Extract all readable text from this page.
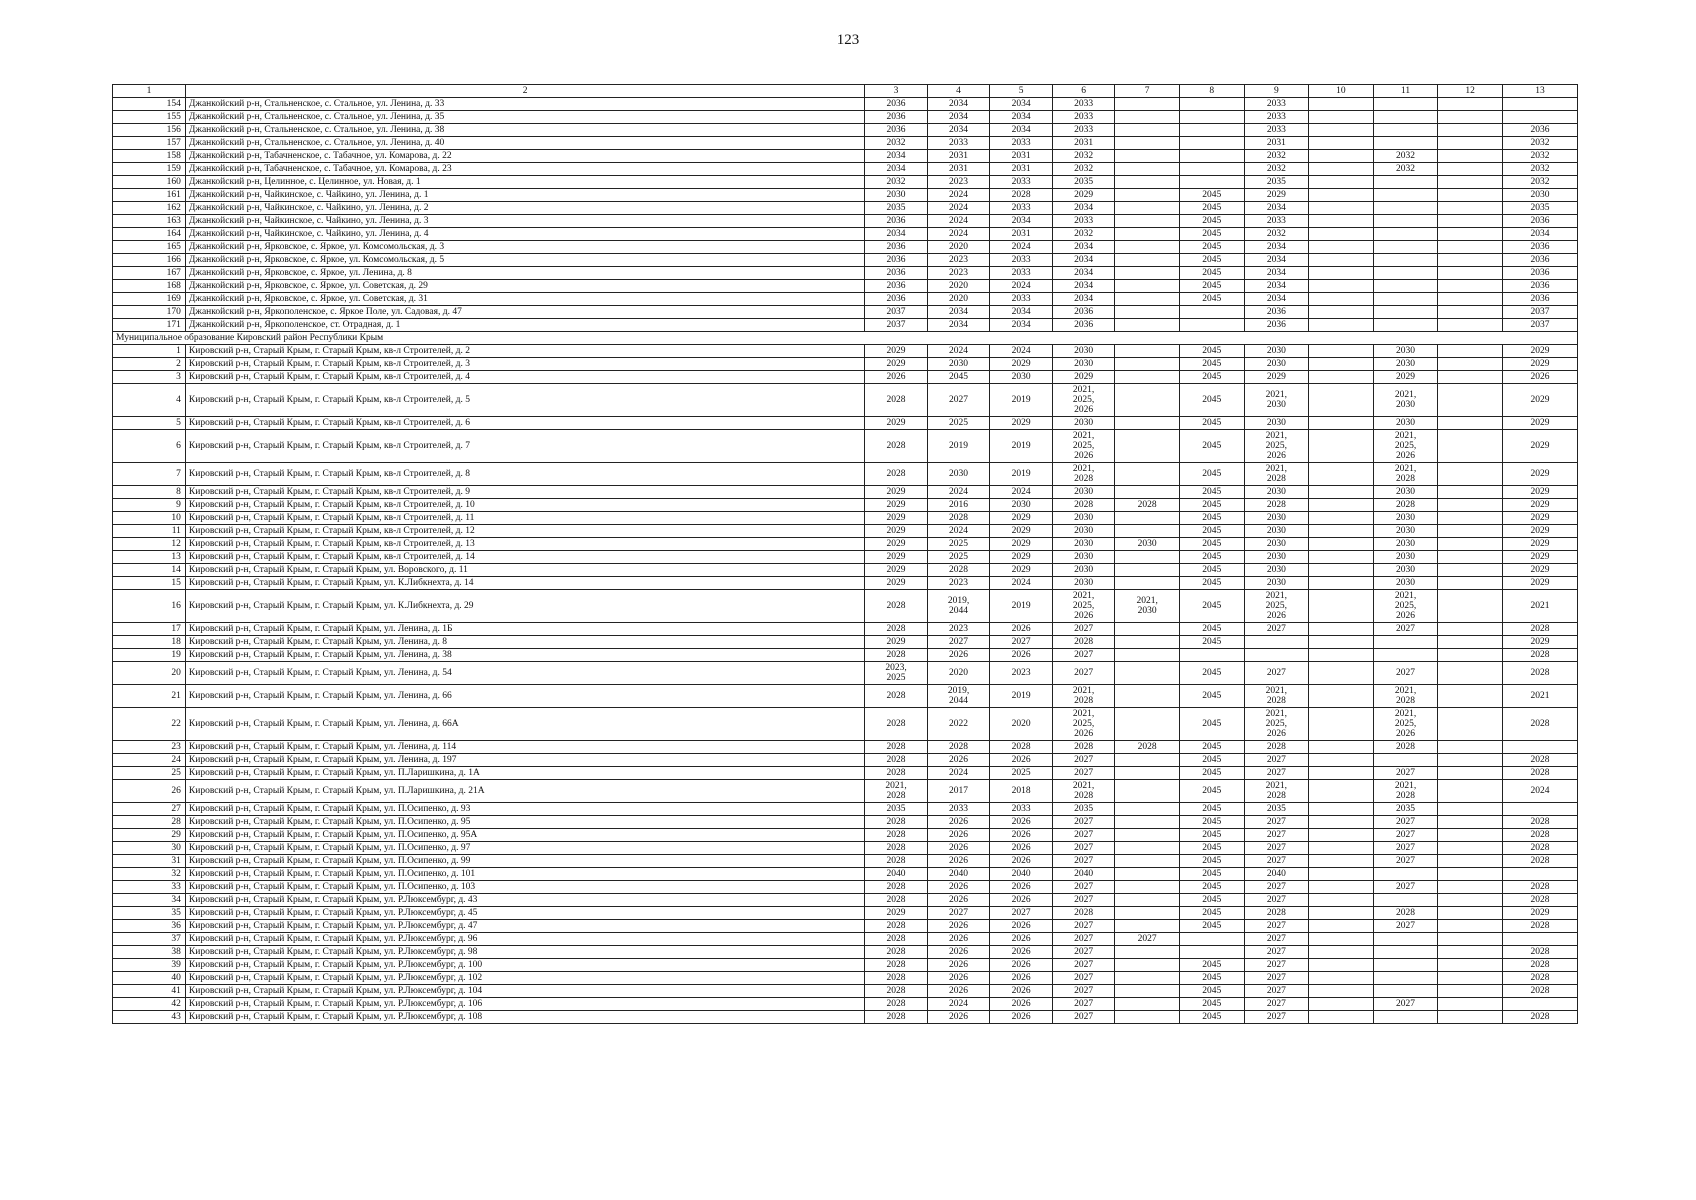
123
1	2	3	4	5	6	7	8	9	10	11	12	13
154	Джанкойский р-н, Стальненское, с. Стальное, ул. Ленина, д. 33	2036	2034	2034	2033			2033				
155	Джанкойский р-н, Стальненское, с. Стальное, ул. Ленина, д. 35	2036	2034	2034	2033			2033				
156	Джанкойский р-н, Стальненское, с. Стальное, ул. Ленина, д. 38	2036	2034	2034	2033			2033				2036
157	Джанкойский р-н, Стальненское, с. Стальное, ул. Ленина, д. 40	2032	2033	2033	2031			2031				2032
158	Джанкойский р-н, Табачненское, с. Табачное, ул. Комарова, д. 22	2034	2031	2031	2032			2032		2032		2032
159	Джанкойский р-н, Табачненское, с. Табачное, ул. Комарова, д. 23	2034	2031	2031	2032			2032		2032		2032
160	Джанкойский р-н, Целинное, с. Целинное, ул. Новая, д. 1	2032	2023	2033	2035			2035				2032
161	Джанкойский р-н, Чайкинское, с. Чайкино, ул. Ленина, д. 1	2030	2024	2028	2029		2045	2029				2030
162	Джанкойский р-н, Чайкинское, с. Чайкино, ул. Ленина, д. 2	2035	2024	2033	2034		2045	2034				2035
163	Джанкойский р-н, Чайкинское, с. Чайкино, ул. Ленина, д. 3	2036	2024	2034	2033		2045	2033				2036
164	Джанкойский р-н, Чайкинское, с. Чайкино, ул. Ленина, д. 4	2034	2024	2031	2032		2045	2032				2034
165	Джанкойский р-н, Ярковское, с. Яркое, ул. Комсомольская, д. 3	2036	2020	2024	2034		2045	2034				2036
166	Джанкойский р-н, Ярковское, с. Яркое, ул. Комсомольская, д. 5	2036	2023	2033	2034		2045	2034				2036
167	Джанкойский р-н, Ярковское, с. Яркое, ул. Ленина, д. 8	2036	2023	2033	2034		2045	2034				2036
168	Джанкойский р-н, Ярковское, с. Яркое, ул. Советская, д. 29	2036	2020	2024	2034		2045	2034				2036
169	Джанкойский р-н, Ярковское, с. Яркое, ул. Советская, д. 31	2036	2020	2033	2034		2045	2034				2036
170	Джанкойский р-н, Яркополенское, с. Яркое Поле, ул. Садовая, д. 47	2037	2034	2034	2036			2036				2037
171	Джанкойский р-н, Яркополенское, ст. Отрадная, д. 1	2037	2034	2034	2036			2036				2037
Муниципальное образование Кировский район Республики Крым												
1	Кировский р-н, Старый Крым, г. Старый Крым, кв-л Строителей, д. 2	2029	2024	2024	2030		2045	2030		2030		2029
2	Кировский р-н, Старый Крым, г. Старый Крым, кв-л Строителей, д. 3	2029	2030	2029	2030		2045	2030		2030		2029
3	Кировский р-н, Старый Крым, г. Старый Крым, кв-л Строителей, д. 4	2026	2045	2030	2029		2045	2029		2029		2026
4	Кировский р-н, Старый Крым, г. Старый Крым, кв-л Строителей, д. 5	2028	2027	2019	2021,
2025,
2026		2045	2021,
2030		2021,
2030		2029
5	Кировский р-н, Старый Крым, г. Старый Крым, кв-л Строителей, д. 6	2029	2025	2029	2030		2045	2030		2030		2029
6	Кировский р-н, Старый Крым, г. Старый Крым, кв-л Строителей, д. 7	2028	2019	2019	2021,
2025,
2026		2045	2021,
2025,
2026		2021,
2025,
2026		2029
7	Кировский р-н, Старый Крым, г. Старый Крым, кв-л Строителей, д. 8	2028	2030	2019	2021,
2028		2045	2021,
2028		2021,
2028		2029
8	Кировский р-н, Старый Крым, г. Старый Крым, кв-л Строителей, д. 9	2029	2024	2024	2030		2045	2030		2030		2029
9	Кировский р-н, Старый Крым, г. Старый Крым, кв-л Строителей, д. 10	2029	2016	2030	2028	2028	2045	2028		2028		2029
10	Кировский р-н, Старый Крым, г. Старый Крым, кв-л Строителей, д. 11	2029	2028	2029	2030		2045	2030		2030		2029
11	Кировский р-н, Старый Крым, г. Старый Крым, кв-л Строителей, д. 12	2029	2024	2029	2030		2045	2030		2030		2029
12	Кировский р-н, Старый Крым, г. Старый Крым, кв-л Строителей, д. 13	2029	2025	2029	2030	2030	2045	2030		2030		2029
13	Кировский р-н, Старый Крым, г. Старый Крым, кв-л Строителей, д. 14	2029	2025	2029	2030		2045	2030		2030		2029
14	Кировский р-н, Старый Крым, г. Старый Крым, ул. Воровского, д. 11	2029	2028	2029	2030		2045	2030		2030		2029
15	Кировский р-н, Старый Крым, г. Старый Крым, ул. К.Либкнехта, д. 14	2029	2023	2024	2030		2045	2030		2030		2029
16	Кировский р-н, Старый Крым, г. Старый Крым, ул. К.Либкнехта, д. 29	2028	2019,
2044	2019	2021,
2025,
2026	2021,
2030	2045	2021,
2025,
2026		2021,
2025,
2026		2021
17	Кировский р-н, Старый Крым, г. Старый Крым, ул. Ленина, д. 1Б	2028	2023	2026	2027		2045	2027		2027		2028
18	Кировский р-н, Старый Крым, г. Старый Крым, ул. Ленина, д. 8	2029	2027	2027	2028		2045					2029
19	Кировский р-н, Старый Крым, г. Старый Крым, ул. Ленина, д. 38	2028	2026	2026	2027							2028
20	Кировский р-н, Старый Крым, г. Старый Крым, ул. Ленина, д. 54	2023,
2025	2020	2023	2027		2045	2027		2027		2028
21	Кировский р-н, Старый Крым, г. Старый Крым, ул. Ленина, д. 66	2028	2019,
2044	2019	2021,
2028		2045	2021,
2028		2021,
2028		2021
22	Кировский р-н, Старый Крым, г. Старый Крым, ул. Ленина, д. 66А	2028	2022	2020	2021,
2025,
2026		2045	2021,
2025,
2026		2021,
2025,
2026		2028
23	Кировский р-н, Старый Крым, г. Старый Крым, ул. Ленина, д. 114	2028	2028	2028	2028	2028	2045	2028		2028		
24	Кировский р-н, Старый Крым, г. Старый Крым, ул. Ленина, д. 197	2028	2026	2026	2027		2045	2027				2028
25	Кировский р-н, Старый Крым, г. Старый Крым, ул. П.Ларишкина, д. 1А	2028	2024	2025	2027		2045	2027		2027		2028
26	Кировский р-н, Старый Крым, г. Старый Крым, ул. П.Ларишкина, д. 21А	2021,
2028	2017	2018	2021,
2028		2045	2021,
2028		2021,
2028		2024
27	Кировский р-н, Старый Крым, г. Старый Крым, ул. П.Осипенко, д. 93	2035	2033	2033	2035		2045	2035		2035		
28	Кировский р-н, Старый Крым, г. Старый Крым, ул. П.Осипенко, д. 95	2028	2026	2026	2027		2045	2027		2027		2028
29	Кировский р-н, Старый Крым, г. Старый Крым, ул. П.Осипенко, д. 95А	2028	2026	2026	2027		2045	2027		2027		2028
30	Кировский р-н, Старый Крым, г. Старый Крым, ул. П.Осипенко, д. 97	2028	2026	2026	2027		2045	2027		2027		2028
31	Кировский р-н, Старый Крым, г. Старый Крым, ул. П.Осипенко, д. 99	2028	2026	2026	2027		2045	2027		2027		2028
32	Кировский р-н, Старый Крым, г. Старый Крым, ул. П.Осипенко, д. 101	2040	2040	2040	2040		2045	2040				
33	Кировский р-н, Старый Крым, г. Старый Крым, ул. П.Осипенко, д. 103	2028	2026	2026	2027		2045	2027		2027		2028
34	Кировский р-н, Старый Крым, г. Старый Крым, ул. Р.Люксембург, д. 43	2028	2026	2026	2027		2045	2027				2028
35	Кировский р-н, Старый Крым, г. Старый Крым, ул. Р.Люксембург, д. 45	2029	2027	2027	2028		2045	2028		2028		2029
36	Кировский р-н, Старый Крым, г. Старый Крым, ул. Р.Люксембург, д. 47	2028	2026	2026	2027		2045	2027		2027		2028
37	Кировский р-н, Старый Крым, г. Старый Крым, ул. Р.Люксембург, д. 96	2028	2026	2026	2027	2027		2027				
38	Кировский р-н, Старый Крым, г. Старый Крым, ул. Р.Люксембург, д. 98	2028	2026	2026	2027			2027				2028
39	Кировский р-н, Старый Крым, г. Старый Крым, ул. Р.Люксембург, д. 100	2028	2026	2026	2027		2045	2027				2028
40	Кировский р-н, Старый Крым, г. Старый Крым, ул. Р.Люксембург, д. 102	2028	2026	2026	2027		2045	2027				2028
41	Кировский р-н, Старый Крым, г. Старый Крым, ул. Р.Люксембург, д. 104	2028	2026	2026	2027		2045	2027				2028
42	Кировский р-н, Старый Крым, г. Старый Крым, ул. Р.Люксембург, д. 106	2028	2024	2026	2027		2045	2027		2027		
43	Кировский р-н, Старый Крым, г. Старый Крым, ул. Р.Люксембург, д. 108	2028	2026	2026	2027		2045	2027				2028
